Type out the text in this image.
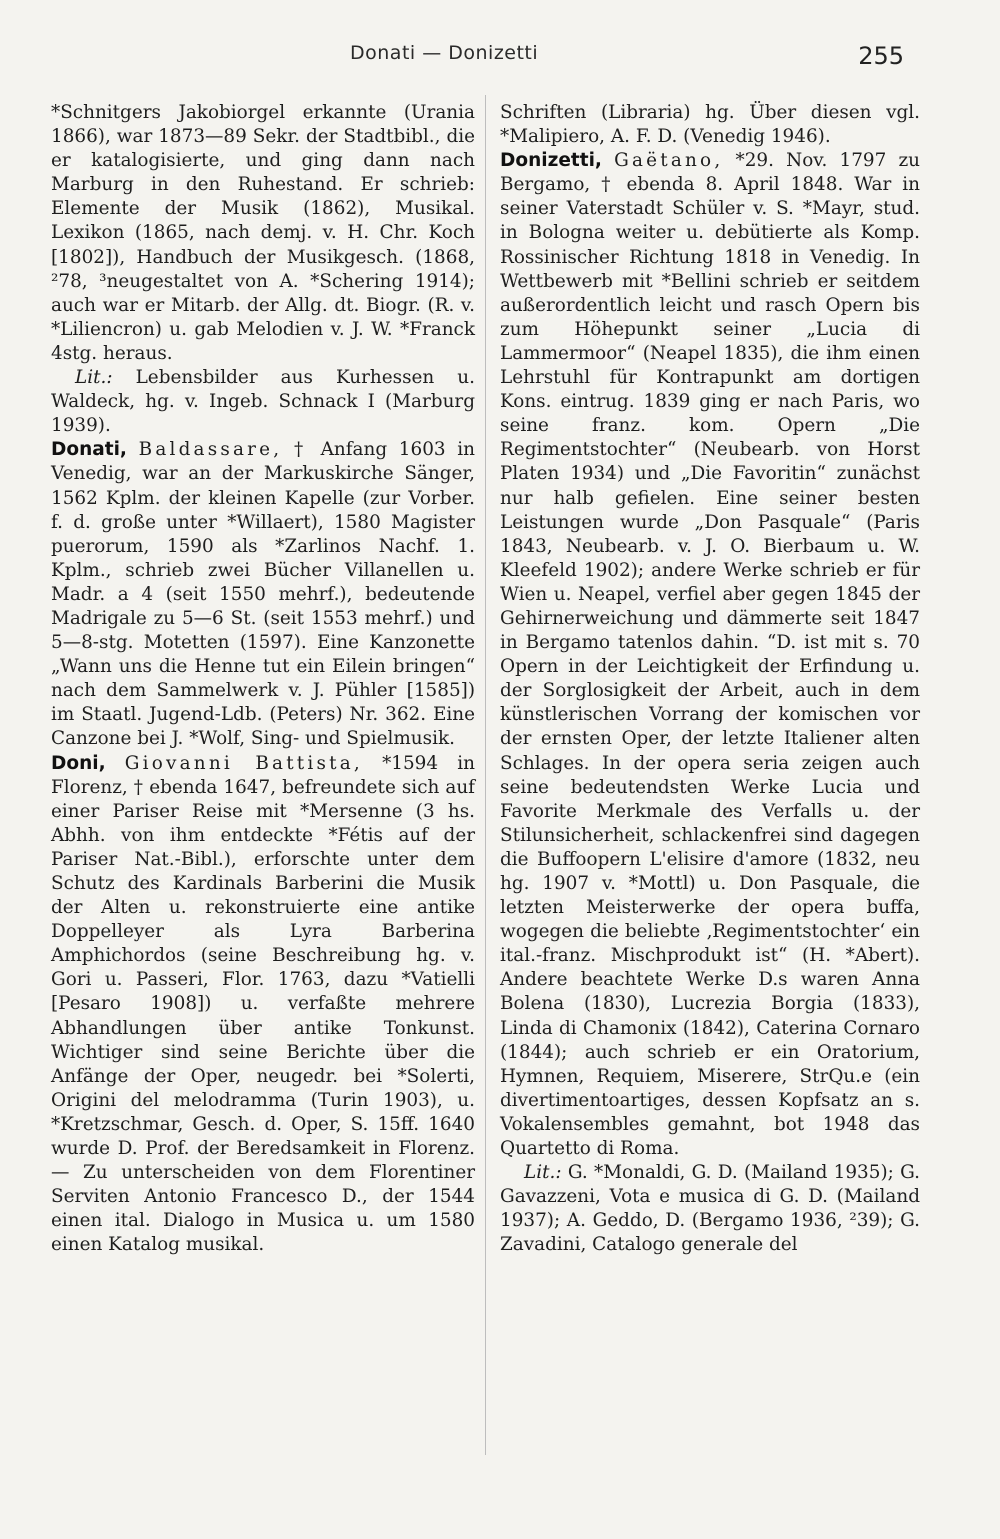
Donati — Donizetti	255

*Schnitgers Jakobiorgel erkannte (Urania 1866), war 1873—89 Sekr. der Stadtbibl., die er katalogisierte, und ging dann nach Marburg in den Ruhestand. Er schrieb: Elemente der Musik (1862), Musikal. Lexikon (1865, nach demj. v. H. Chr. Koch [1802]), Handbuch der Musikgesch. (1868, ²78, ³neugestaltet von A. *Schering 1914); auch war er Mitarb. der Allg. dt. Biogr. (R. v. *Liliencron) u. gab Melodien v. J. W. *Franck 4stg. heraus.

Lit.: Lebensbilder aus Kurhessen u. Waldeck, hg. v. Ingeb. Schnack I (Marburg 1939).

Donati, Baldassare, † Anfang 1603 in Venedig, war an der Markuskirche Sänger, 1562 Kplm. der kleinen Kapelle (zur Vorber. f. d. große unter *Willaert), 1580 Magister puerorum, 1590 als *Zarlinos Nachf. 1. Kplm., schrieb zwei Bücher Villanellen u. Madr. a 4 (seit 1550 mehrf.), bedeutende Madrigale zu 5—6 St. (seit 1553 mehrf.) und 5—8-stg. Motetten (1597). Eine Kanzonette „Wann uns die Henne tut ein Eilein bringen“ nach dem Sammelwerk v. J. Pühler [1585]) im Staatl. Jugend-Ldb. (Peters) Nr. 362. Eine Canzone bei J. *Wolf, Sing- und Spielmusik.

Doni, Giovanni Battista, *1594 in Florenz, † ebenda 1647, befreundete sich auf einer Pariser Reise mit *Mersenne (3 hs. Abhh. von ihm entdeckte *Fétis auf der Pariser Nat.-Bibl.), erforschte unter dem Schutz des Kardinals Barberini die Musik der Alten u. rekonstruierte eine antike Doppelleyer als Lyra Barberina Amphichordos (seine Beschreibung hg. v. Gori u. Passeri, Flor. 1763, dazu *Vatielli [Pesaro 1908]) u. verfaßte mehrere Abhandlungen über antike Tonkunst. Wichtiger sind seine Berichte über die Anfänge der Oper, neugedr. bei *Solerti, Origini del melodramma (Turin 1903), u. *Kretzschmar, Gesch. d. Oper, S. 15ff. 1640 wurde D. Prof. der Beredsamkeit in Florenz. — Zu unterscheiden von dem Florentiner Serviten Antonio Francesco D., der 1544 einen ital. Dialogo in Musica u. um 1580 einen Katalog musikal.

Schriften (Libraria) hg. Über diesen vgl. *Malipiero, A. F. D. (Venedig 1946).

Donizetti, Gaëtano, *29. Nov. 1797 zu Bergamo, † ebenda 8. April 1848. War in seiner Vaterstadt Schüler v. S. *Mayr, stud. in Bologna weiter u. debütierte als Komp. Rossinischer Richtung 1818 in Venedig. In Wettbewerb mit *Bellini schrieb er seitdem außerordentlich leicht und rasch Opern bis zum Höhepunkt seiner „Lucia di Lammermoor“ (Neapel 1835), die ihm einen Lehrstuhl für Kontrapunkt am dortigen Kons. eintrug. 1839 ging er nach Paris, wo seine franz. kom. Opern „Die Regimentstochter“ (Neubearb. von Horst Platen 1934) und „Die Favoritin“ zunächst nur halb gefielen. Eine seiner besten Leistungen wurde „Don Pasquale“ (Paris 1843, Neubearb. v. J. O. Bierbaum u. W. Kleefeld 1902); andere Werke schrieb er für Wien u. Neapel, verfiel aber gegen 1845 der Gehirnerweichung und dämmerte seit 1847 in Bergamo tatenlos dahin. “D. ist mit s. 70 Opern in der Leichtigkeit der Erfindung u. der Sorglosigkeit der Arbeit, auch in dem künstlerischen Vorrang der komischen vor der ernsten Oper, der letzte Italiener alten Schlages. In der opera seria zeigen auch seine bedeutendsten Werke Lucia und Favorite Merkmale des Verfalls u. der Stilunsicherheit, schlackenfrei sind dagegen die Buffoopern L'elisire d'amore (1832, neu hg. 1907 v. *Mottl) u. Don Pasquale, die letzten Meisterwerke der opera buffa, wogegen die beliebte ‚Regimentstochter‘ ein ital.-franz. Mischprodukt ist“ (H. *Abert). Andere beachtete Werke D.s waren Anna Bolena (1830), Lucrezia Borgia (1833), Linda di Chamonix (1842), Caterina Cornaro (1844); auch schrieb er ein Oratorium, Hymnen, Requiem, Miserere, StrQu.e (ein divertimentoartiges, dessen Kopfsatz an s. Vokalensembles gemahnt, bot 1948 das Quartetto di Roma.

Lit.: G. *Monaldi, G. D. (Mailand 1935); G. Gavazzeni, Vota e musica di G. D. (Mailand 1937); A. Geddo, D. (Bergamo 1936, ²39); G. Zavadini, Catalogo generale del
